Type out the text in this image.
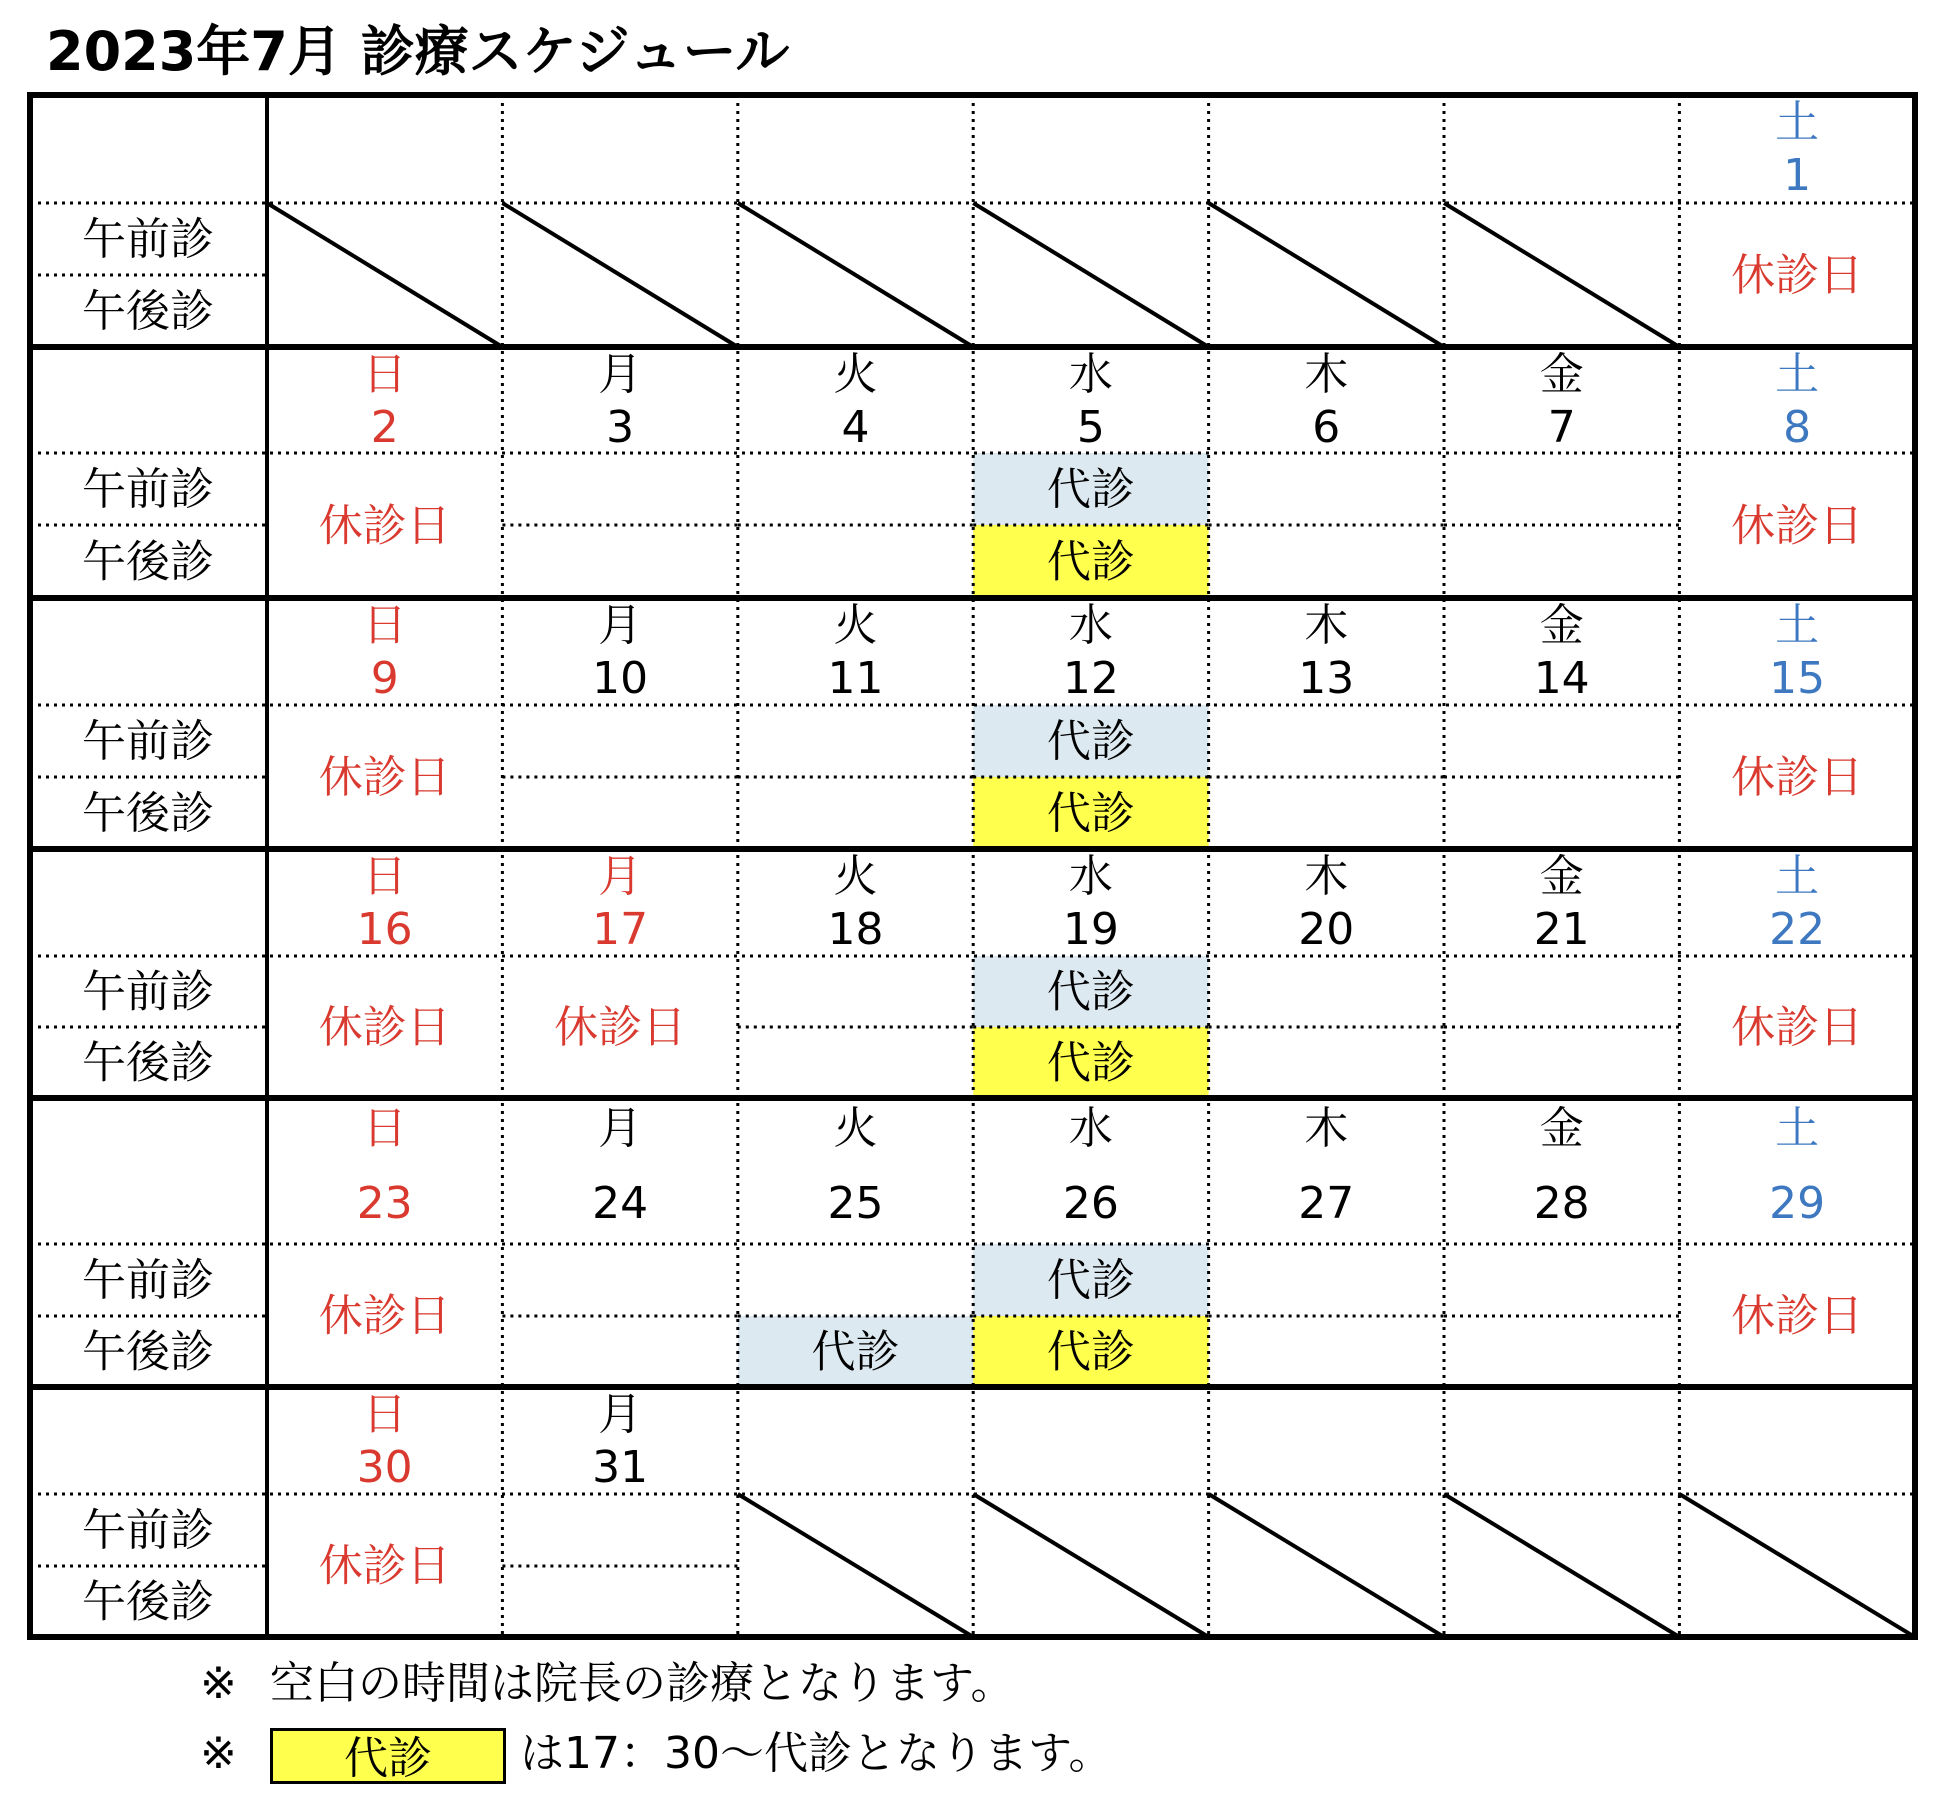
2023年7月 診療スケジュール
午前診
午後診
土
1
休診日
午前診
午後診
日
2
休診日
月
3
火
4
水
5
代診
代診
木
6
金
7
土
8
休診日
午前診
午後診
日
9
休診日
月
10
火
11
水
12
代診
代診
木
13
金
14
土
15
休診日
午前診
午後診
日
16
休診日
月
17
休診日
火
18
水
19
代診
代診
木
20
金
21
土
22
休診日
午前診
午後診
日
23
休診日
月
24
火
25
代診
水
26
代診
代診
木
27
金
28
土
29
休診日
午前診
午後診
日
30
休診日
月
31
※ 空白の時間は院長の診療となります。
※ 代診 は17：30～代診となります。
